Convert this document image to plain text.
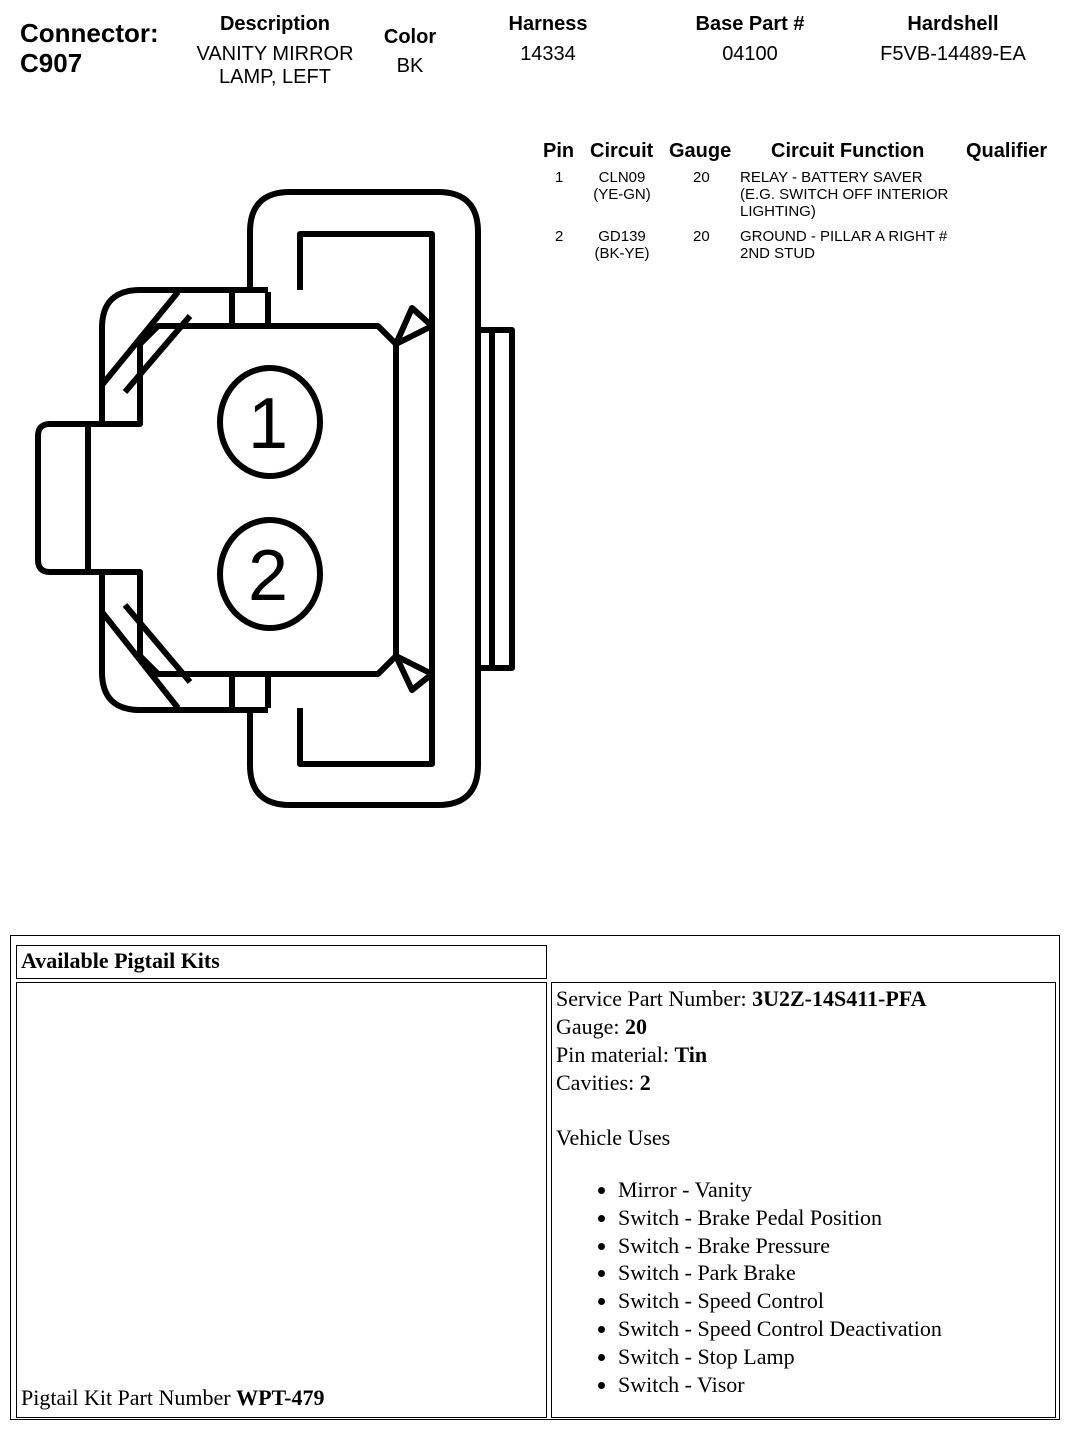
Connector:
C907
Description
VANITY MIRROR
LAMP, LEFT
Color
BK
Harness
14334
Base Part #
04100
Hardshell
F5VB-14489-EA
Pin Circuit Gauge Circuit Function Qualifier
1	CLN09
(YE-GN)
20 RELAY - BATTERY SAVER
(E.G. SWITCH OFF INTERIOR
LIGHTING)
2	GD139
(BK-YE)
20 GROUND - PILLAR A RIGHT #
2ND STUD
1
2
Available Pigtail Kits
Pigtail Kit Part Number WPT-479
Service Part Number: 3U2Z-14S411-PFA
Gauge: 20
Pin material: Tin
Cavities: 2
Vehicle Uses
• Mirror - Vanity
• Switch - Brake Pedal Position
• Switch - Brake Pressure
• Switch - Park Brake
• Switch - Speed Control
• Switch - Speed Control Deactivation
• Switch - Stop Lamp
• Switch - Visor
